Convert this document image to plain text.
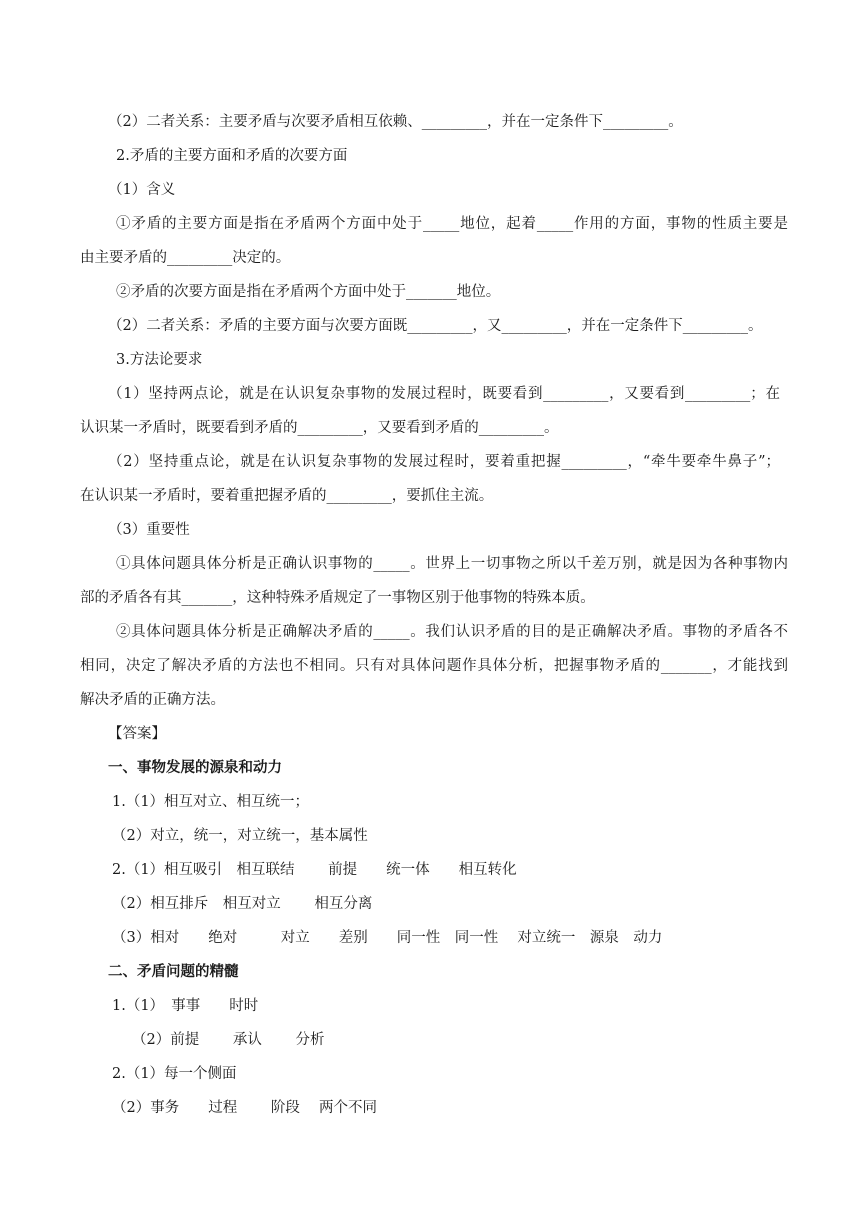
（2）二者关系：主要矛盾与次要矛盾相互依赖、_________，并在一定条件下_________。
2.矛盾的主要方面和矛盾的次要方面
（1）含义
①矛盾的主要方面是指在矛盾两个方面中处于_____地位，起着_____作用的方面，事物的性质主要是
由主要矛盾的_________决定的。
②矛盾的次要方面是指在矛盾两个方面中处于_______地位。
（2）二者关系：矛盾的主要方面与次要方面既_________，又_________，并在一定条件下_________。
3.方法论要求
（1）坚持两点论，就是在认识复杂事物的发展过程时，既要看到_________，又要看到_________；在
认识某一矛盾时，既要看到矛盾的_________，又要看到矛盾的_________。
（2）坚持重点论，就是在认识复杂事物的发展过程时，要着重把握_________，“牵牛要牵牛鼻子”；
在认识某一矛盾时，要着重把握矛盾的_________，要抓住主流。
（3）重要性
①具体问题具体分析是正确认识事物的_____。世界上一切事物之所以千差万别，就是因为各种事物内
部的矛盾各有其_______，这种特殊矛盾规定了一事物区别于他事物的特殊本质。
②具体问题具体分析是正确解决矛盾的_____。我们认识矛盾的目的是正确解决矛盾。事物的矛盾各不
相同，决定了解决矛盾的方法也不相同。只有对具体问题作具体分析，把握事物矛盾的_______，才能找到
解决矛盾的正确方法。
【答案】
一、事物发展的源泉和动力
1.（1）相互对立、相互统一；
（2）对立，统一，对立统一，基本属性
2.（1）相互吸引　相互联结　　 前提　　统一体　　相互转化
（2）相互排斥　相互对立　　 相互分离
（3）相对　　绝对　　　对立　　差别　　同一性　同一性　 对立统一　源泉　动力
二、矛盾问题的精髓
1.（1）　事事　　时时
（2）前提　　 承认　　 分析
2.（1）每一个侧面
（2）事务　　过程　　 阶段　 两个不同
